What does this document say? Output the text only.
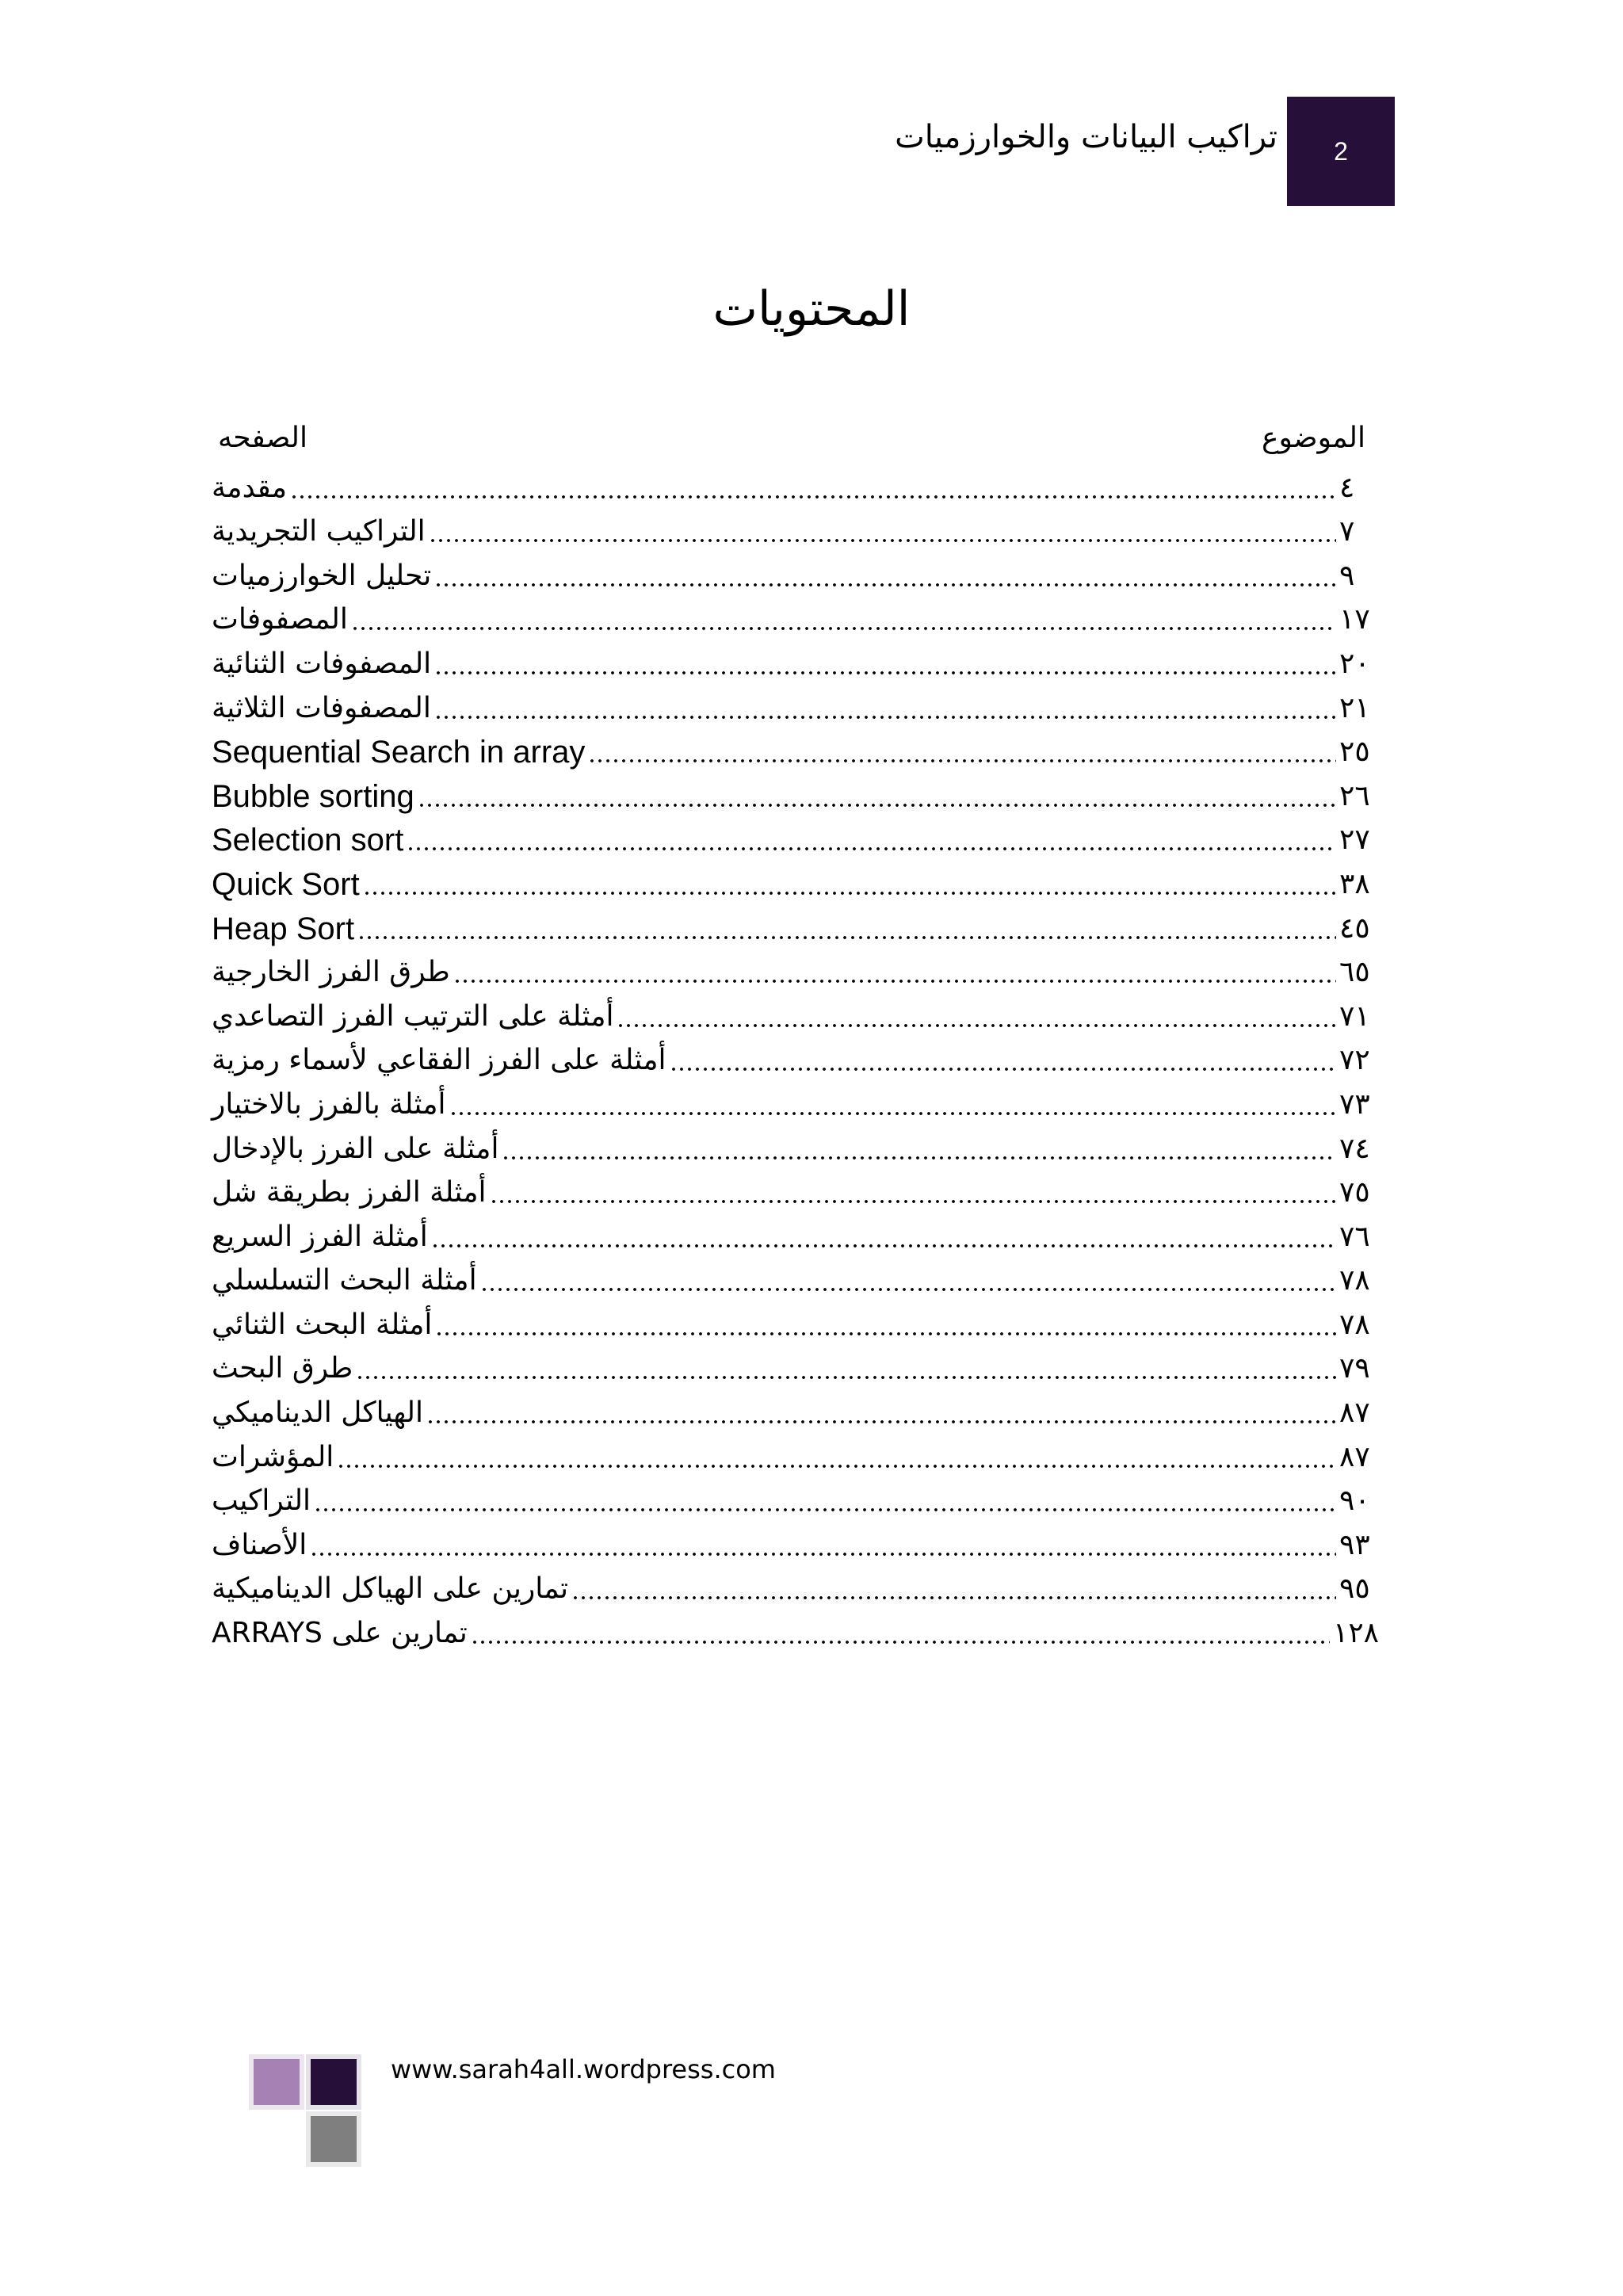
تراكيب البيانات والخوارزميات	2
المحتويات
الموضوع
الصفحه
مقدمة	٤
التراكيب التجريدية	٧
تحليل الخوارزميات	٩
المصفوفات	١٧
المصفوفات الثنائية	٢٠
المصفوفات الثلاثية	٢١
Sequential Search in array	٢٥
Bubble sorting	٢٦
Selection sort	٢٧
Quick Sort	٣٨
Heap Sort	٤٥
طرق الفرز الخارجية	٦٥
أمثلة على الترتيب الفرز التصاعدي	٧١
أمثلة على الفرز الفقاعي لأسماء رمزية	٧٢
أمثلة بالفرز بالاختيار	٧٣
أمثلة على الفرز بالإدخال	٧٤
أمثلة الفرز بطريقة شل	٧٥
أمثلة الفرز السريع	٧٦
أمثلة البحث التسلسلي	٧٨
أمثلة البحث الثنائي	٧٨
طرق البحث	٧٩
الهياكل الديناميكي	٨٧
المؤشرات	٨٧
التراكيب	٩٠
الأصناف	٩٣
تمارين على الهياكل الديناميكية	٩٥
تمارين على ARRAYS	١٢٨
www.sarah4all.wordpress.com
